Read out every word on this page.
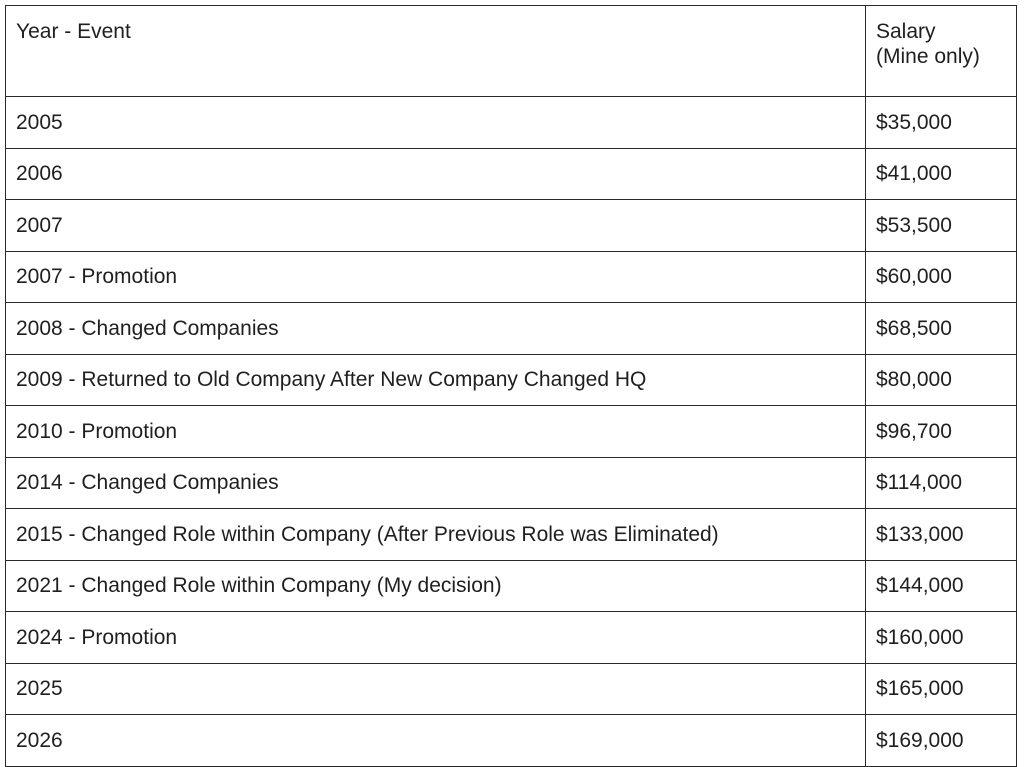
Year - Event	Salary
(Mine only)
2005	$35,000
2006	$41,000
2007	$53,500
2007 - Promotion	$60,000
2008 - Changed Companies	$68,500
2009 - Returned to Old Company After New Company Changed HQ	$80,000
2010 - Promotion	$96,700
2014 - Changed Companies	$114,000
2015 - Changed Role within Company (After Previous Role was Eliminated)	$133,000
2021 - Changed Role within Company (My decision)	$144,000
2024 - Promotion	$160,000
2025	$165,000
2026	$169,000
